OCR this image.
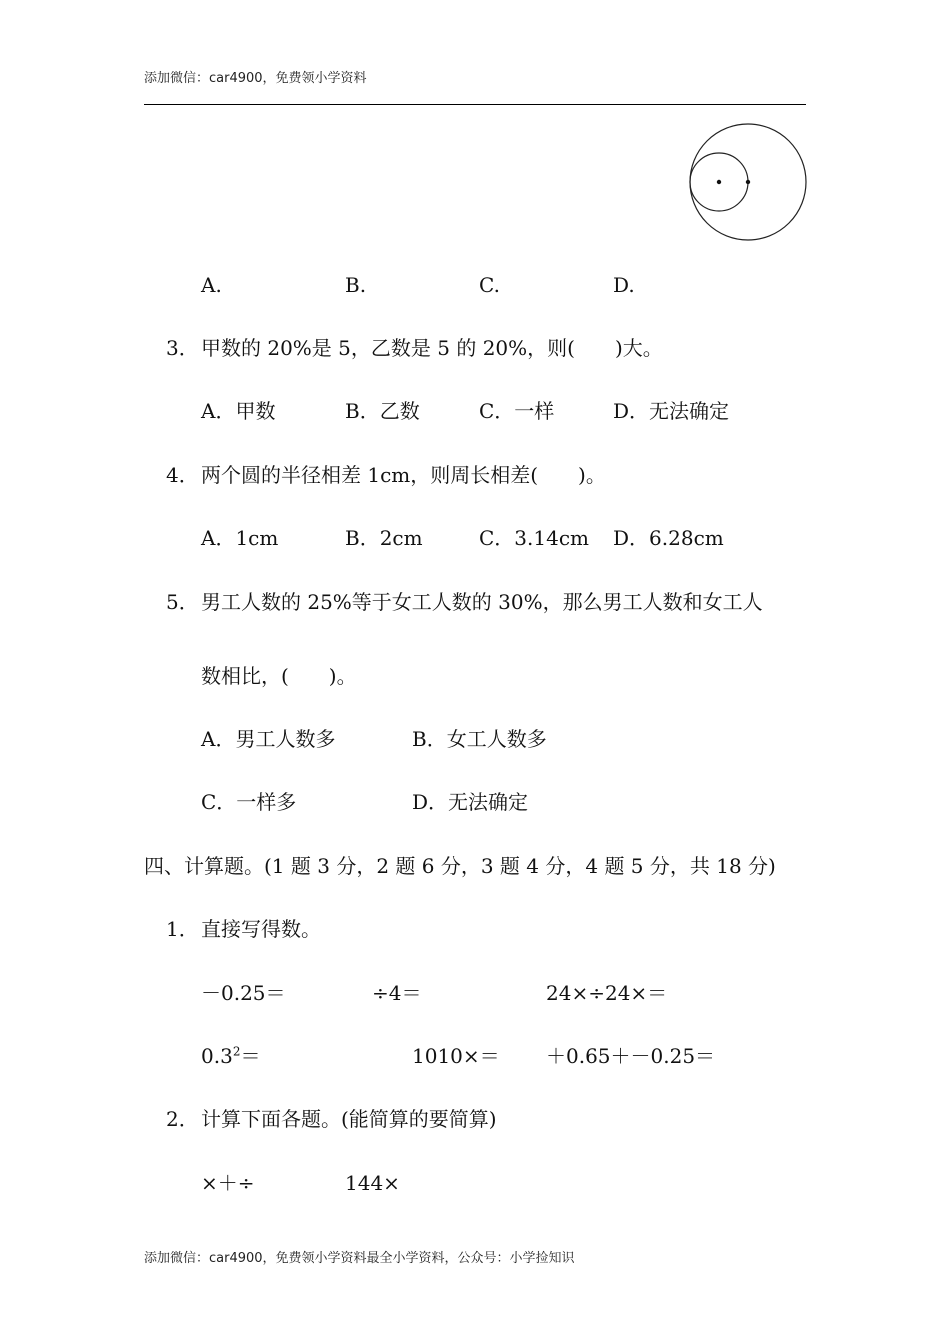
添加微信：car4900，免费领小学资料
A.	B.	C.	D.
3． 甲数的 20%是 5，乙数是 5 的 20%，则(　　)大。
A．甲数	B．乙数	C．一样	D．无法确定
4． 两个圆的半径相差 1cm，则周长相差(　　)。
A．1cm	B．2cm	C．3.14cm D．6.28cm
5． 男工人数的 25%等于女工人数的 30%，那么男工人数和女工人
数相比，(　　)。
A．男工人数多	B．女工人数多
C．一样多	D．无法确定
四、计算题。(1 题 3 分，2 题 6 分，3 题 4 分，4 题 5 分，共 18 分)
1． 直接写得数。
－0.25＝	÷4＝	24×÷24×＝
$0.3^2=$	1010×＝ ＋0.65＋－0.25＝
2． 计算下面各题。(能简算的要简算)
×＋÷	144×
添加微信：car4900，免费领小学资料最全小学资料，公众号：小学捡知识
